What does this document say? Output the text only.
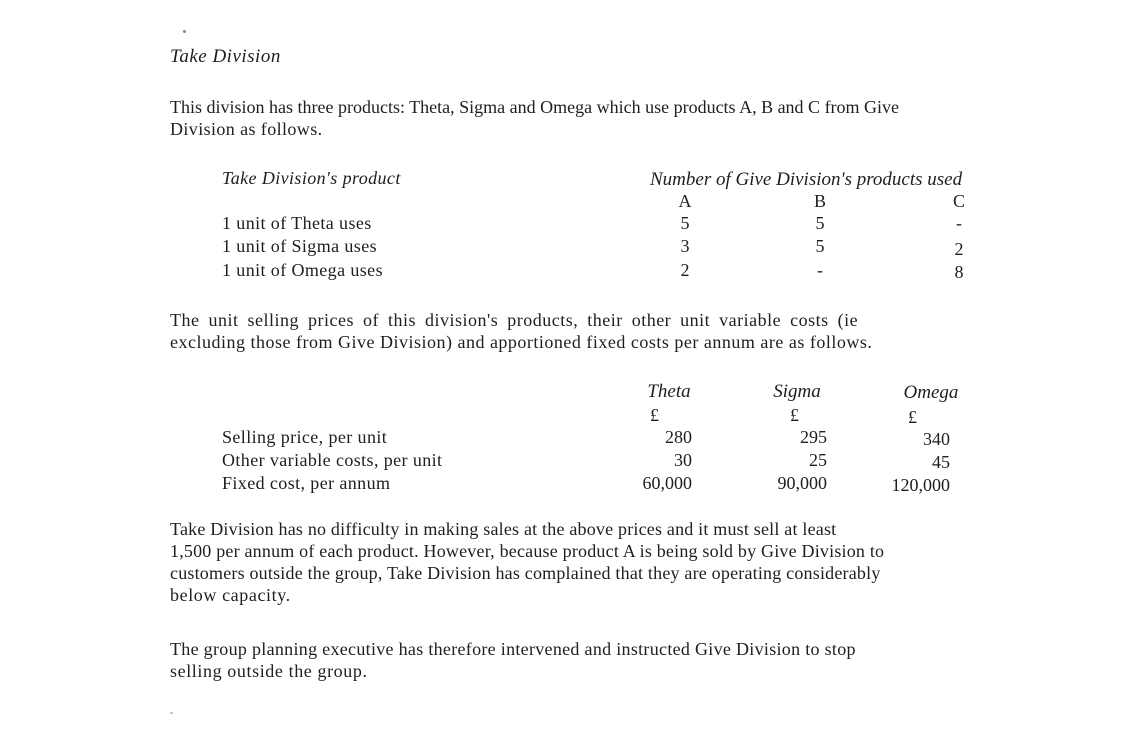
Take Division
This division has three products: Theta, Sigma and Omega which use products A, B and C from Give
Division as follows.
Take Division's product	Number of Give Division's products used
A	B	C
1 unit of Theta uses	5	5	-
1 unit of Sigma uses	3	5	2
1 unit of Omega uses	2	-	8
The unit selling prices of this division's products, their other unit variable costs (ie
excluding those from Give Division) and apportioned fixed costs per annum are as follows.
Theta	Sigma	Omega
£	£	£
Selling price, per unit	280	295	340
Other variable costs, per unit	30	25	45
Fixed cost, per annum	60,000	90,000	120,000
Take Division has no difficulty in making sales at the above prices and it must sell at least
1,500 per annum of each product. However, because product A is being sold by Give Division to
customers outside the group, Take Division has complained that they are operating considerably
below capacity.
The group planning executive has therefore intervened and instructed Give Division to stop
selling outside the group.
